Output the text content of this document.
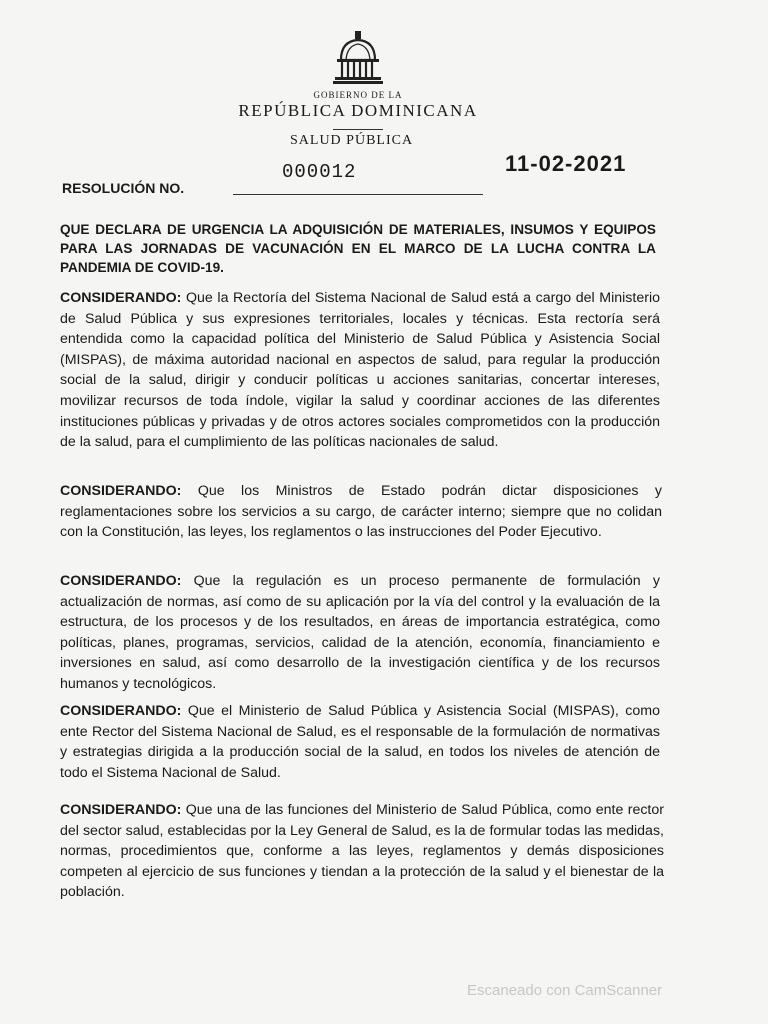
GOBIERNO DE LA
REPÚBLICA DOMINICANA
SALUD PÚBLICA
RESOLUCIÓN NO.
000012	11-02-2021
QUE DECLARA DE URGENCIA LA ADQUISICIÓN DE MATERIALES, INSUMOS Y EQUIPOS PARA LAS JORNADAS DE VACUNACIÓN EN EL MARCO DE LA LUCHA CONTRA LA PANDEMIA DE COVID-19.
CONSIDERANDO: Que la Rectoría del Sistema Nacional de Salud está a cargo del Ministerio de Salud Pública y sus expresiones territoriales, locales y técnicas. Esta rectoría será entendida como la capacidad política del Ministerio de Salud Pública y Asistencia Social (MISPAS), de máxima autoridad nacional en aspectos de salud, para regular la producción social de la salud, dirigir y conducir políticas u acciones sanitarias, concertar intereses, movilizar recursos de toda índole, vigilar la salud y coordinar acciones de las diferentes instituciones públicas y privadas y de otros actores sociales comprometidos con la producción de la salud, para el cumplimiento de las políticas nacionales de salud.
CONSIDERANDO: Que los Ministros de Estado podrán dictar disposiciones y reglamentaciones sobre los servicios a su cargo, de carácter interno; siempre que no colidan con la Constitución, las leyes, los reglamentos o las instrucciones del Poder Ejecutivo.
CONSIDERANDO: Que la regulación es un proceso permanente de formulación y actualización de normas, así como de su aplicación por la vía del control y la evaluación de la estructura, de los procesos y de los resultados, en áreas de importancia estratégica, como políticas, planes, programas, servicios, calidad de la atención, economía, financiamiento e inversiones en salud, así como desarrollo de la investigación científica y de los recursos humanos y tecnológicos.
CONSIDERANDO: Que el Ministerio de Salud Pública y Asistencia Social (MISPAS), como ente Rector del Sistema Nacional de Salud, es el responsable de la formulación de normativas y estrategias dirigida a la producción social de la salud, en todos los niveles de atención de todo el Sistema Nacional de Salud.
CONSIDERANDO: Que una de las funciones del Ministerio de Salud Pública, como ente rector del sector salud, establecidas por la Ley General de Salud, es la de formular todas las medidas, normas, procedimientos que, conforme a las leyes, reglamentos y demás disposiciones competen al ejercicio de sus funciones y tiendan a la protección de la salud y el bienestar de la población.
Escaneado con CamScanner
